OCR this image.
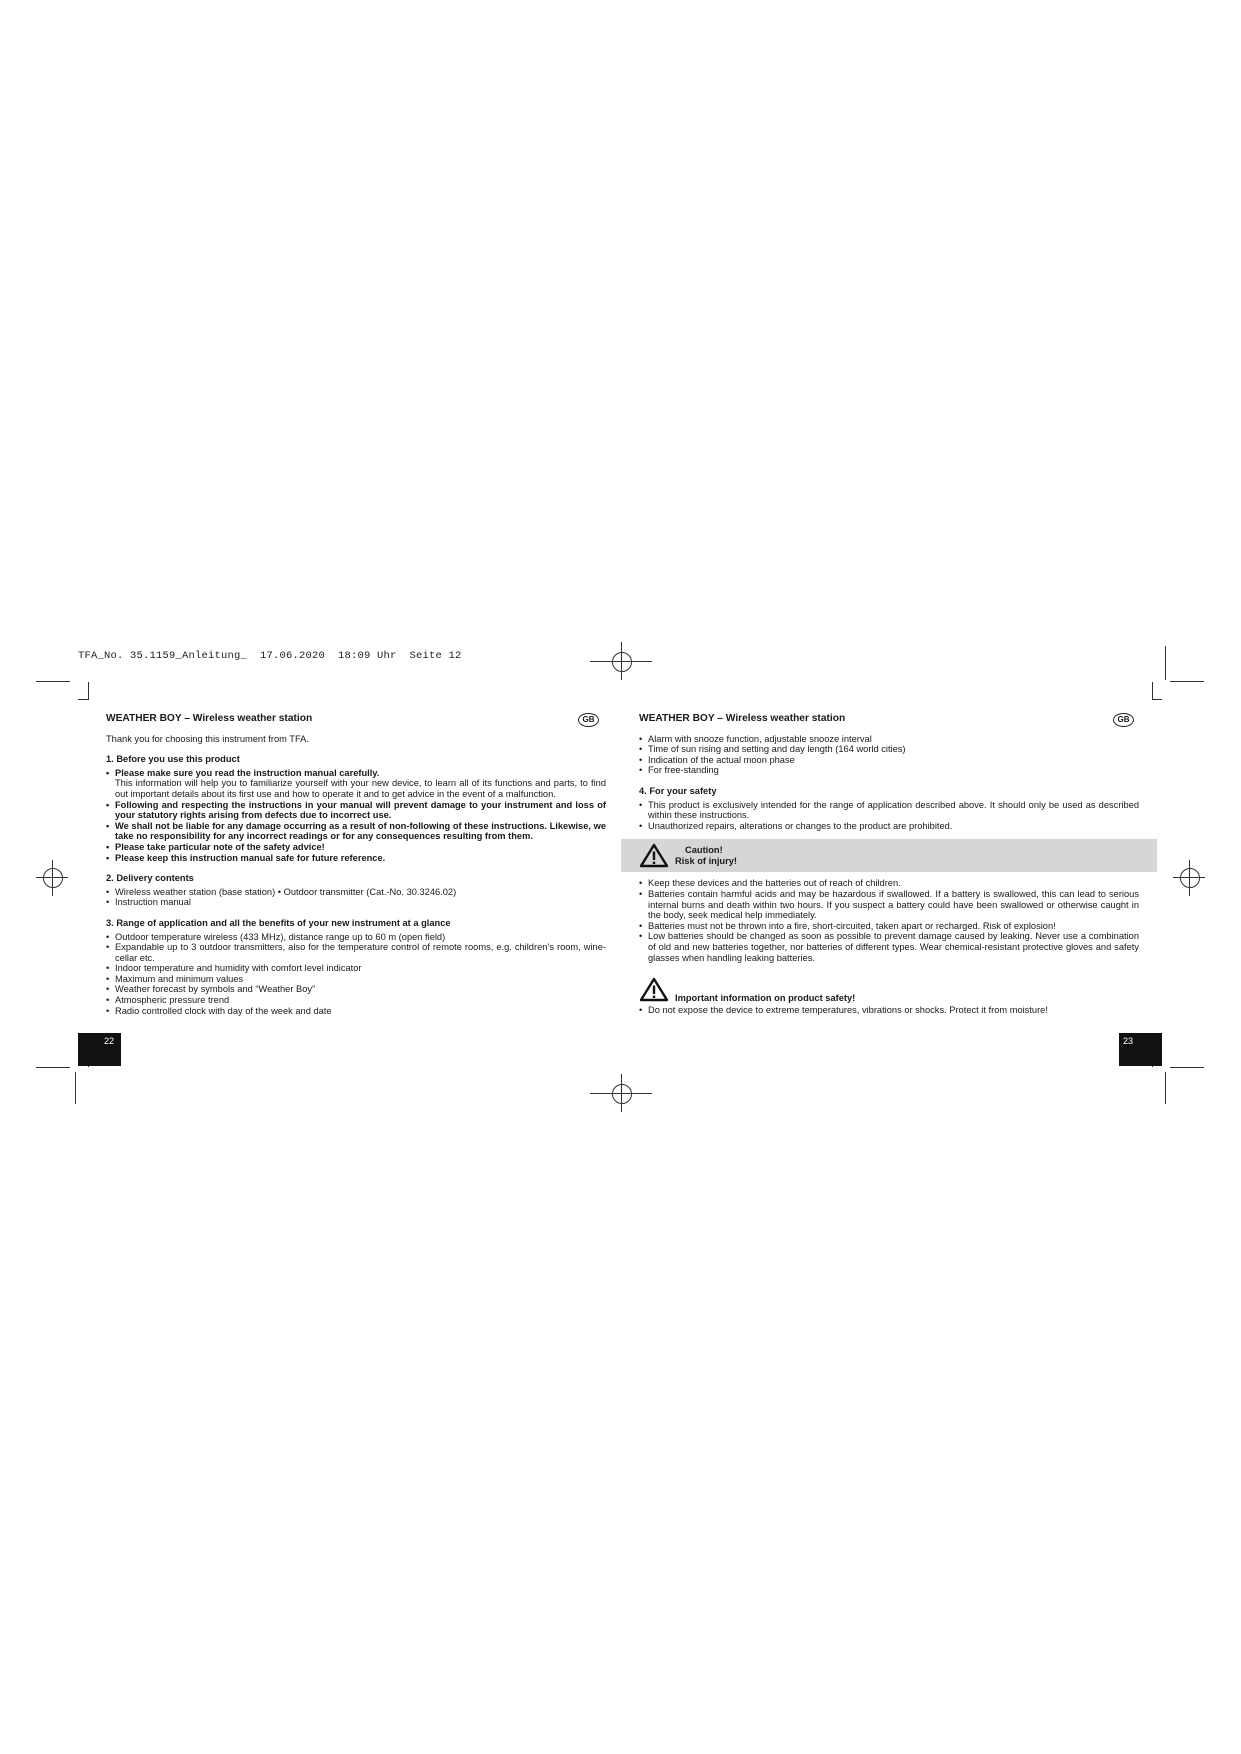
TFA_No. 35.1159_Anleitung_  17.06.2020  18:09 Uhr  Seite 12
WEATHER BOY – Wireless weather station	GB

Thank you for choosing this instrument from TFA.

1. Before you use this product
• Please make sure you read the instruction manual carefully.
This information will help you to familiarize yourself with your new device, to learn all of its functions and parts, to find out important details about its first use and how to operate it and to get advice in the event of a malfunction.
• Following and respecting the instructions in your manual will prevent damage to your instrument and loss of your statutory rights arising from defects due to incorrect use.
• We shall not be liable for any damage occurring as a result of non-following of these instructions. Likewise, we take no responsibility for any incorrect readings or for any consequences resulting from them.
• Please take particular note of the safety advice!
• Please keep this instruction manual safe for future reference.
2. Delivery contents
• Wireless weather station (base station) • Outdoor transmitter (Cat.-No. 30.3246.02)
• Instruction manual
3. Range of application and all the benefits of your new instrument at a glance
• Outdoor temperature wireless (433 MHz), distance range up to 60 m (open field)
• Expandable up to 3 outdoor transmitters, also for the temperature control of remote rooms, e.g. children’s room, wine-cellar etc.
• Indoor temperature and humidity with comfort level indicator
• Maximum and minimum values
• Weather forecast by symbols and “Weather Boy”
• Atmospheric pressure trend
• Radio controlled clock with day of the week and date
22
WEATHER BOY – Wireless weather station	GB
• Alarm with snooze function, adjustable snooze interval
• Time of sun rising and setting and day length (164 world cities)
• Indication of the actual moon phase
• For free-standing
4. For your safety
• This product is exclusively intended for the range of application described above. It should only be used as described within these instructions.
• Unauthorized repairs, alterations or changes to the product are prohibited.
Caution!
Risk of injury!
• Keep these devices and the batteries out of reach of children.
• Batteries contain harmful acids and may be hazardous if swallowed. If a battery is swallowed, this can lead to serious internal burns and death within two hours. If you suspect a battery could have been swallowed or otherwise caught in the body, seek medical help immediately.
• Batteries must not be thrown into a fire, short-circuited, taken apart or recharged. Risk of explosion!
• Low batteries should be changed as soon as possible to prevent damage caused by leaking. Never use a combination of old and new batteries together, nor batteries of different types. Wear chemical-resistant protective gloves and safety glasses when handling leaking batteries.
Important information on product safety!
• Do not expose the device to extreme temperatures, vibrations or shocks. Protect it from moisture!
23
